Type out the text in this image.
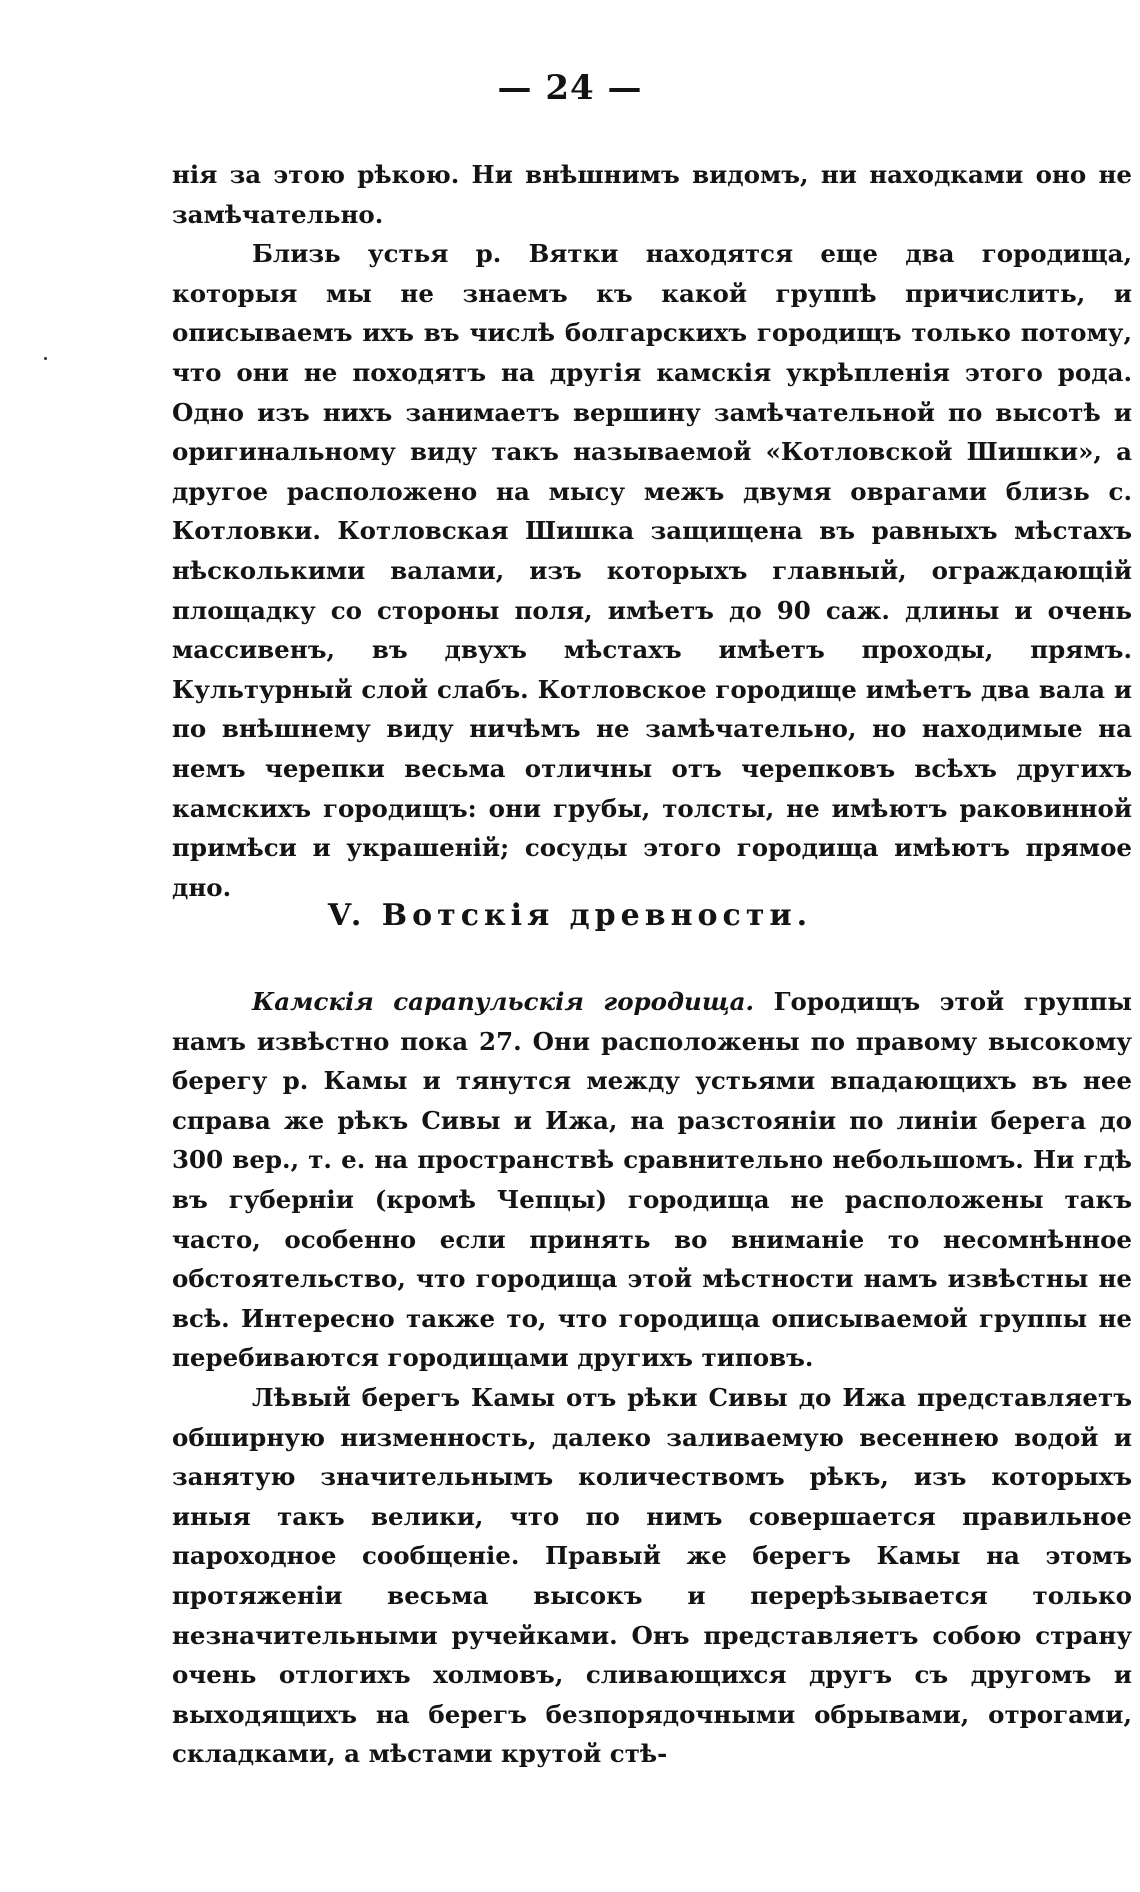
— 24 —

нія за этою рѣкою. Ни внѣшнимъ видомъ, ни находками оно не замѣчательно.

Близь устья р. Вятки находятся еще два городища, которыя мы не знаемъ къ какой группѣ причислить, и описываемъ ихъ въ числѣ болгарскихъ городищъ только потому, что они не походятъ на другія камскія укрѣпленія этого рода. Одно изъ нихъ занимаетъ вершину замѣчательной по высотѣ и оригинальному виду такъ называемой «Котловской Шишки», а другое расположено на мысу межъ двумя оврагами близь с. Котловки. Котловская Шишка защищена въ равныхъ мѣстахъ нѣсколькими валами, изъ которыхъ главный, ограждающій площадку со стороны поля, имѣетъ до 90 саж. длины и очень массивенъ, въ двухъ мѣстахъ имѣетъ проходы, прямъ. Культурный слой слабъ. Котловское городище имѣетъ два вала и по внѣшнему виду ничѣмъ не замѣчательно, но находимые на немъ черепки весьма отличны отъ черепковъ всѣхъ другихъ камскихъ городищъ: они грубы, толсты, не имѣютъ раковинной примѣси и украшеній; сосуды этого городища имѣютъ прямое дно.

V. Вотскія древности.

Камскія сарапульскія городища. Городищъ этой группы намъ извѣстно пока 27. Они расположены по правому высокому берегу р. Камы и тянутся между устьями впадающихъ въ нее справа же рѣкъ Сивы и Ижа, на разстояніи по линіи берега до 300 вер., т. е. на пространствѣ сравнительно небольшомъ. Ни гдѣ въ губерніи (кромѣ Чепцы) городища не расположены такъ часто, особенно если принять во вниманіе то несомнѣнное обстоятельство, что городища этой мѣстности намъ извѣстны не всѣ. Интересно также то, что городища описываемой группы не перебиваются городищами другихъ типовъ.

Лѣвый берегъ Камы отъ рѣки Сивы до Ижа представляетъ обширную низменность, далеко заливаемую весеннею водой и занятую значительнымъ количествомъ рѣкъ, изъ которыхъ иныя такъ велики, что по нимъ совершается правильное пароходное сообщеніе. Правый же берегъ Камы на этомъ протяженіи весьма высокъ и перерѣзывается только незначительными ручейками. Онъ представляетъ собою страну очень отлогихъ холмовъ, сливающихся другъ съ другомъ и выходящихъ на берегъ безпорядочными обрывами, отрогами, складками, а мѣстами крутой стѣ-
